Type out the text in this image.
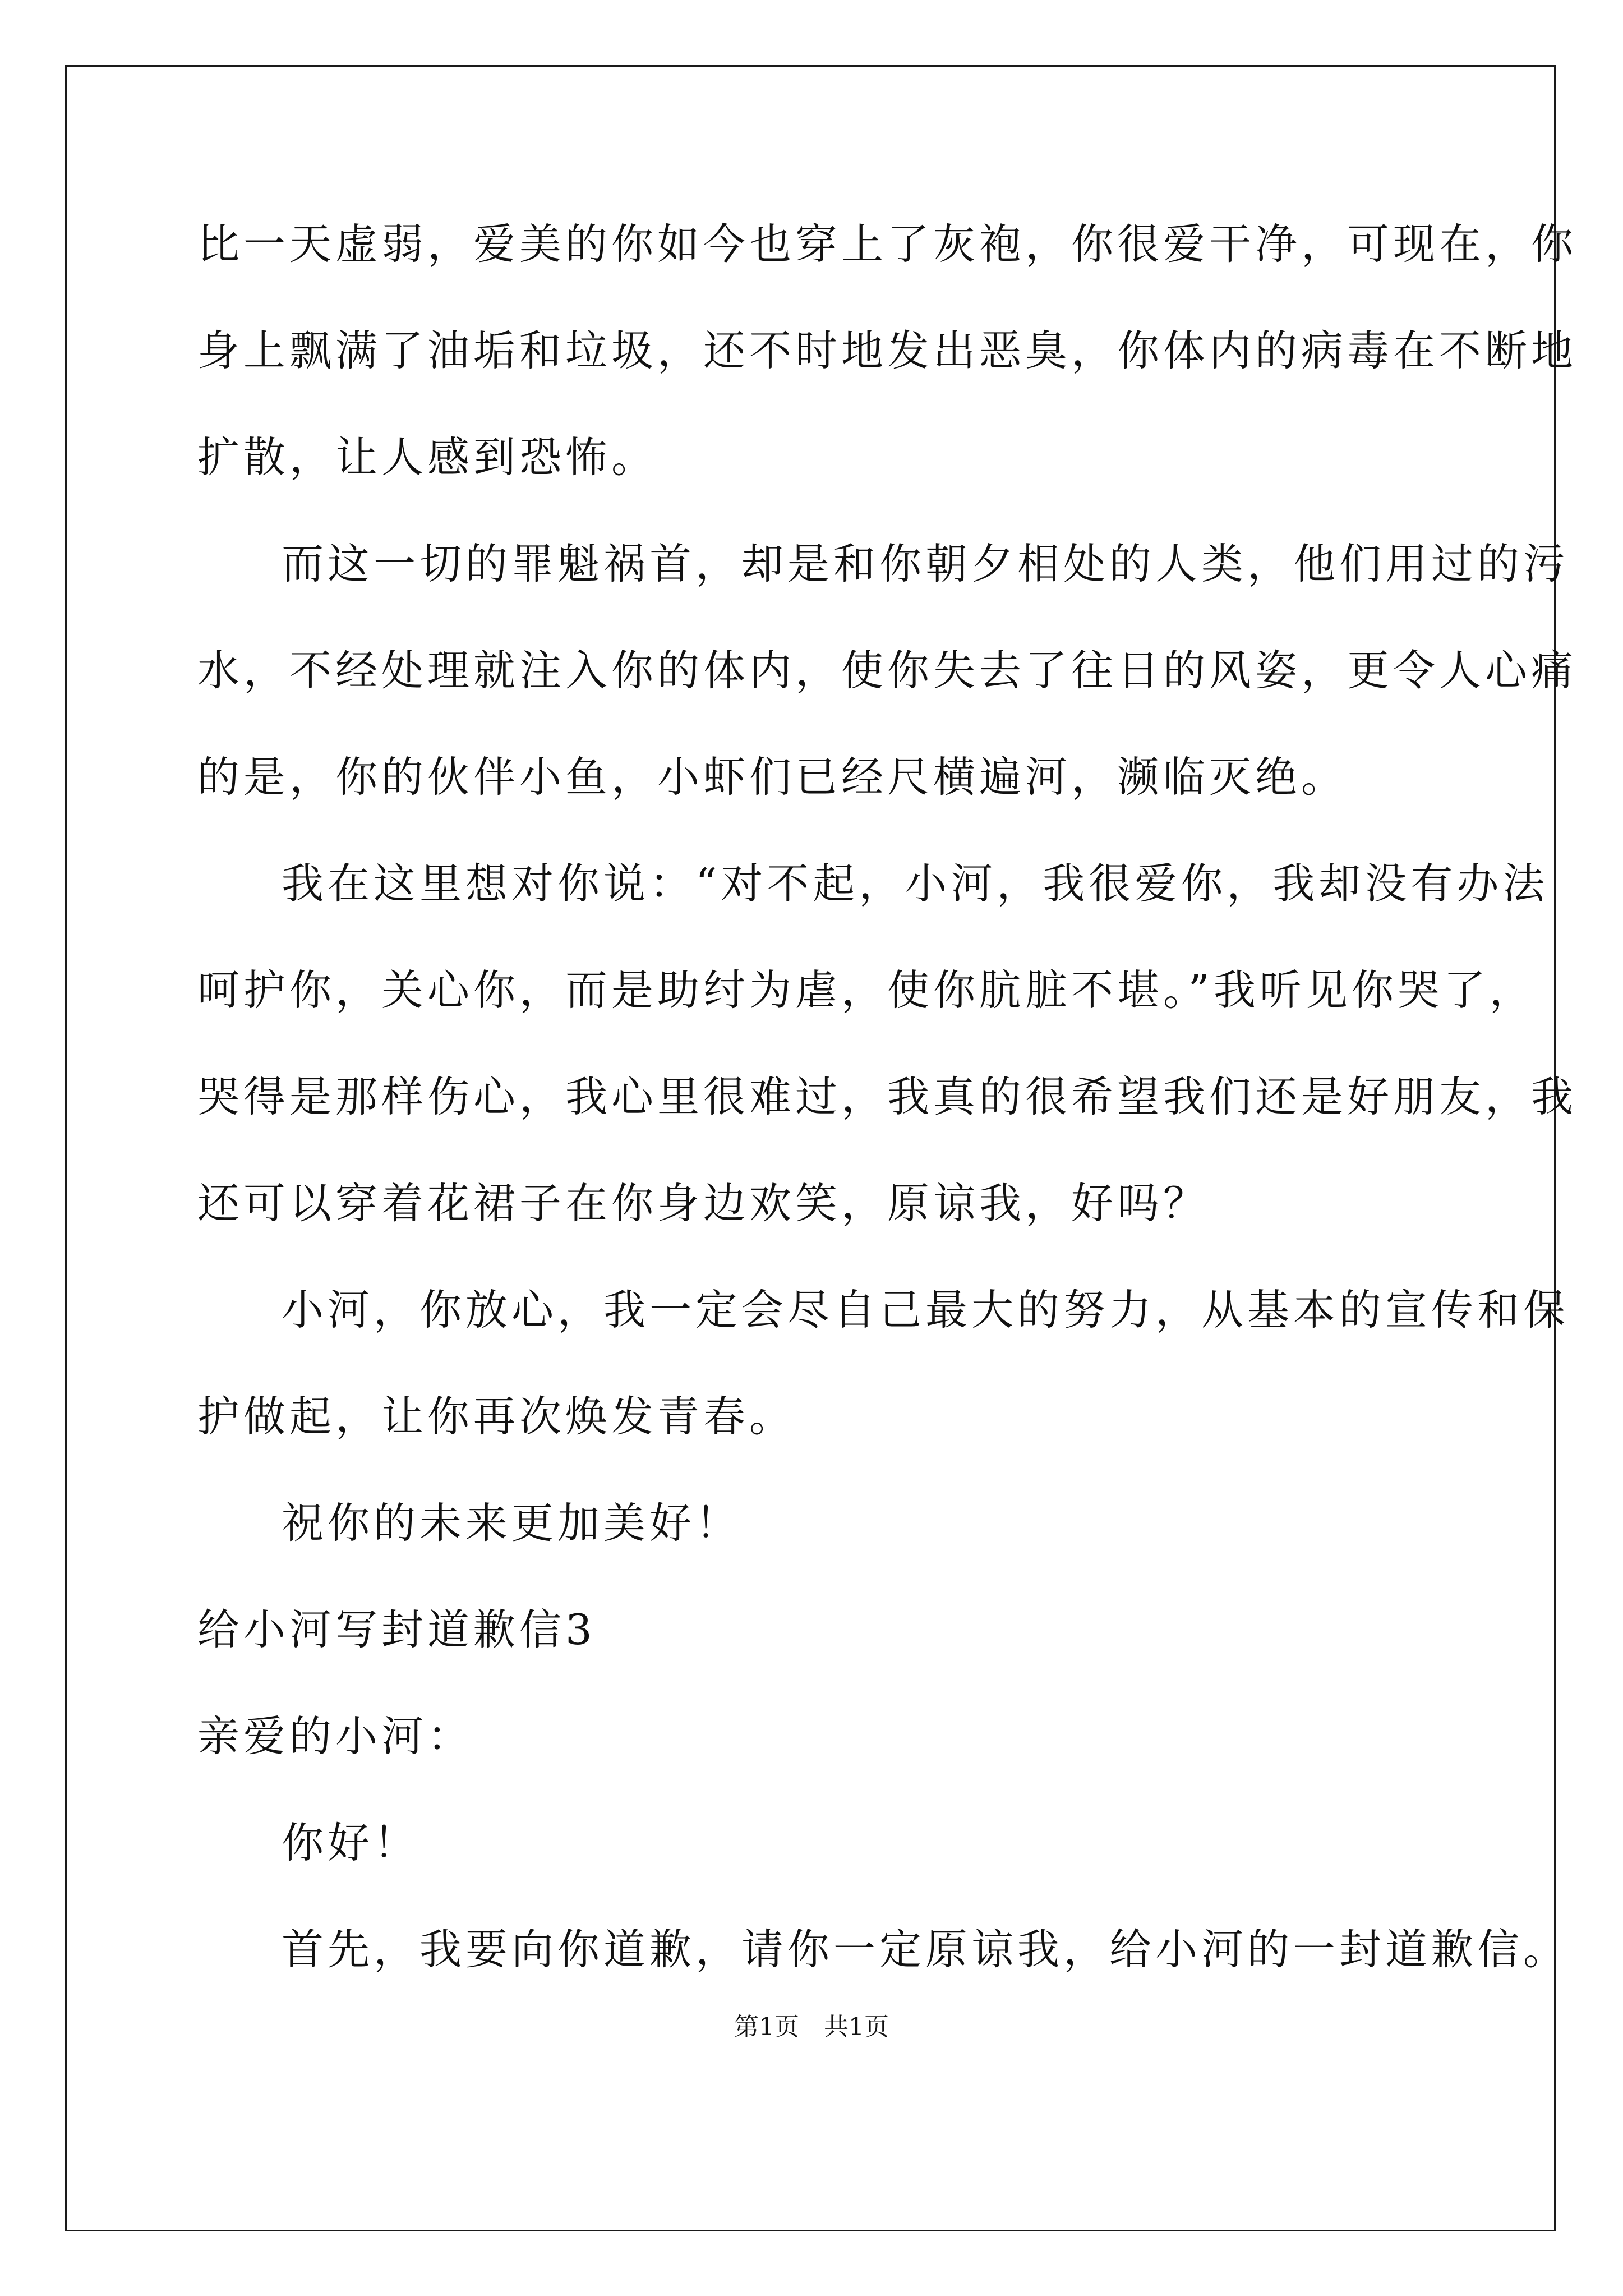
比一天虚弱，爱美的你如今也穿上了灰袍，你很爱干净，可现在，你
身上飘满了油垢和垃圾，还不时地发出恶臭，你体内的病毒在不断地
扩散，让人感到恐怖。
而这一切的罪魁祸首，却是和你朝夕相处的人类，他们用过的污
水，不经处理就注入你的体内，使你失去了往日的风姿，更令人心痛
的是，你的伙伴小鱼，小虾们已经尺横遍河，濒临灭绝。
我在这里想对你说：“对不起，小河，我很爱你，我却没有办法
呵护你，关心你，而是助纣为虐，使你肮脏不堪。”我听见你哭了，
哭得是那样伤心，我心里很难过，我真的很希望我们还是好朋友，我
还可以穿着花裙子在你身边欢笑，原谅我，好吗？
小河，你放心，我一定会尽自己最大的努力，从基本的宣传和保
护做起，让你再次焕发青春。
祝你的未来更加美好！
给小河写封道歉信3
亲爱的小河：
你好！
首先，我要向你道歉，请你一定原谅我，给小河的一封道歉信。
第1页　共1页
